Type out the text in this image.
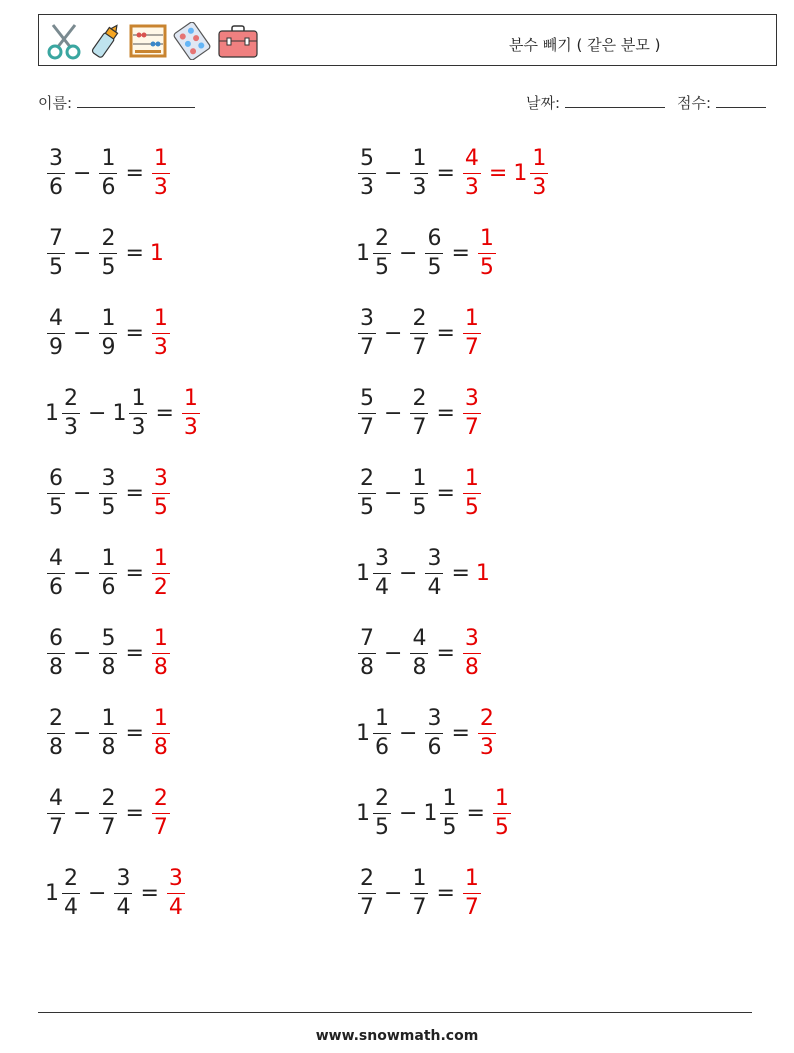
분수 빼기 ( 같은 분모 )
이름:	날짜:	점수:
$\frac{3}{6} - \frac{1}{6} = \frac{1}{3}$	$\frac{5}{3} - \frac{1}{3} = \frac{4}{3} = 1 \frac{1}{3}$
$\frac{7}{5} - \frac{2}{5} = 1$	$1 \frac{2}{5} - \frac{6}{5} = \frac{1}{5}$
$\frac{4}{9} - \frac{1}{9} = \frac{1}{3}$	$\frac{3}{7} - \frac{2}{7} = \frac{1}{7}$
$1 \frac{2}{3} - 1 \frac{1}{3} = \frac{1}{3}$	$\frac{5}{7} - \frac{2}{7} = \frac{3}{7}$
$\frac{6}{5} - \frac{3}{5} = \frac{3}{5}$	$\frac{2}{5} - \frac{1}{5} = \frac{1}{5}$
$\frac{4}{6} - \frac{1}{6} = \frac{1}{2}$	$1 \frac{3}{4} - \frac{3}{4} = 1$
$\frac{6}{8} - \frac{5}{8} = \frac{1}{8}$	$\frac{7}{8} - \frac{4}{8} = \frac{3}{8}$
$\frac{2}{8} - \frac{1}{8} = \frac{1}{8}$	$1 \frac{1}{6} - \frac{3}{6} = \frac{2}{3}$
$\frac{4}{7} - \frac{2}{7} = \frac{2}{7}$	$1 \frac{2}{5} - 1 \frac{1}{5} = \frac{1}{5}$
$1 \frac{2}{4} - \frac{3}{4} = \frac{3}{4}$	$\frac{2}{7} - \frac{1}{7} = \frac{1}{7}$
www.snowmath.com
